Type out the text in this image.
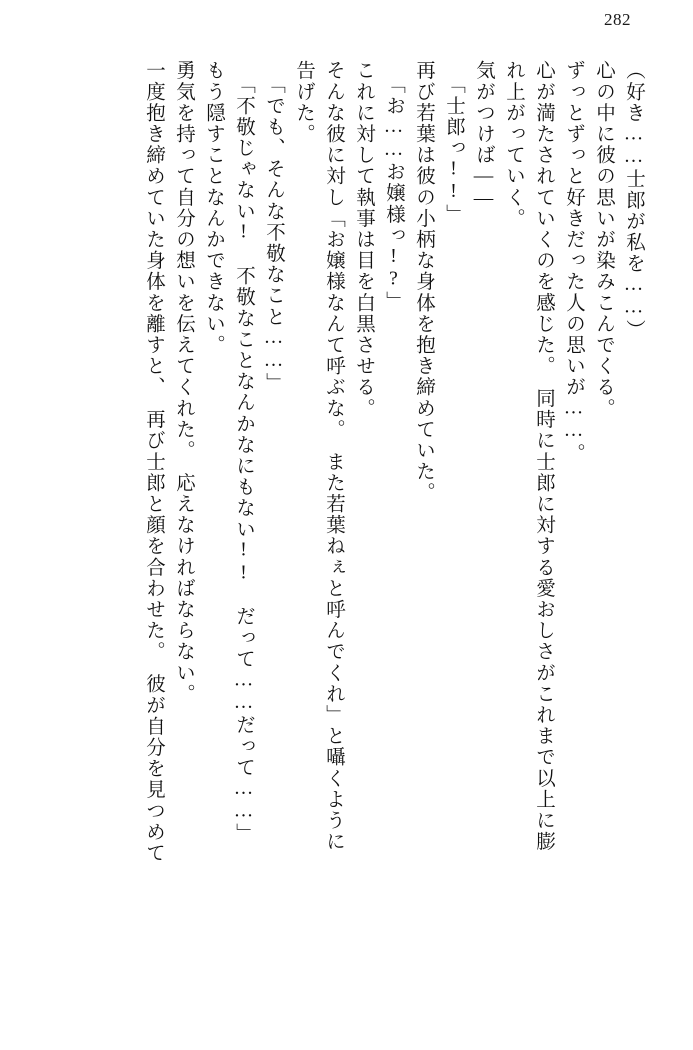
282
（好き……士郎が私を……）
心の中に彼の思いが染みこんでくる。
ずっとずっと好きだった人の思いが……。
心が満たされていくのを感じた。　同時に士郎に対する愛おしさがこれまで以上に膨
れ上がっていく。
気がつけば――
「士郎っ!!」
再び若葉は彼の小柄な身体を抱き締めていた。
「お……お嬢様っ!?」
これに対して執事は目を白黒させる。
そんな彼に対し「お嬢様なんて呼ぶな。　また若葉ねぇと呼んでくれ」と囁くように
告げた。
「でも、そんな不敬なこと……」
「不敬じゃない!　不敬なことなんかなにもない!!　だって……だって……」
もう隠すことなんかできない。
勇気を持って自分の想いを伝えてくれた。　応えなければならない。
一度抱き締めていた身体を離すと、　再び士郎と顔を合わせた。　彼が自分を見つめて
